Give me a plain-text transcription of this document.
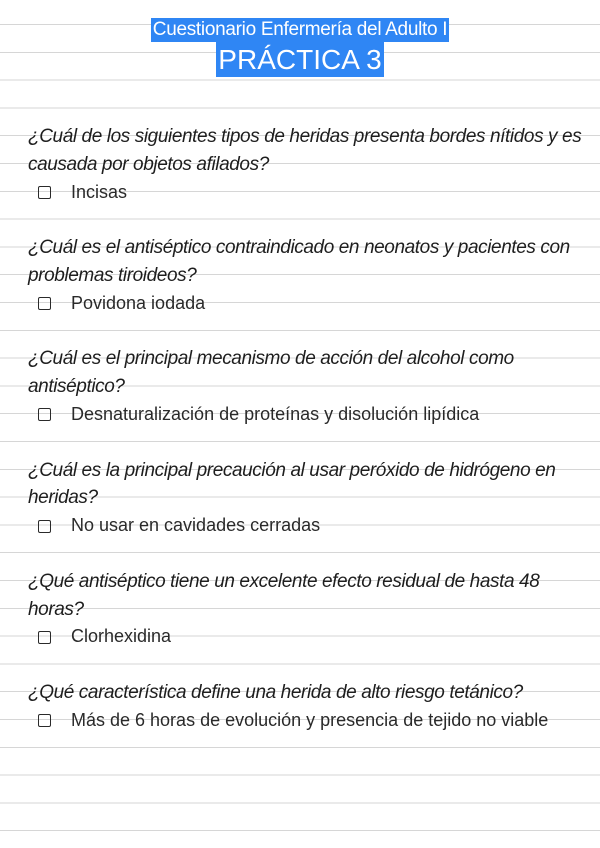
Cuestionario Enfermería del Adulto I
PRÁCTICA 3

¿Cuál de los siguientes tipos de heridas presenta bordes nítidos y es causada por objetos afilados?

Incisas

¿Cuál es el antiséptico contraindicado en neonatos y pacientes con problemas tiroideos?

Povidona iodada

¿Cuál es el principal mecanismo de acción del alcohol como antiséptico?

Desnaturalización de proteínas y disolución lipídica

¿Cuál es la principal precaución al usar peróxido de hidrógeno en heridas?

No usar en cavidades cerradas

¿Qué antiséptico tiene un excelente efecto residual de hasta 48 horas?

Clorhexidina

¿Qué característica define una herida de alto riesgo tetánico?

Más de 6 horas de evolución y presencia de tejido no viable
